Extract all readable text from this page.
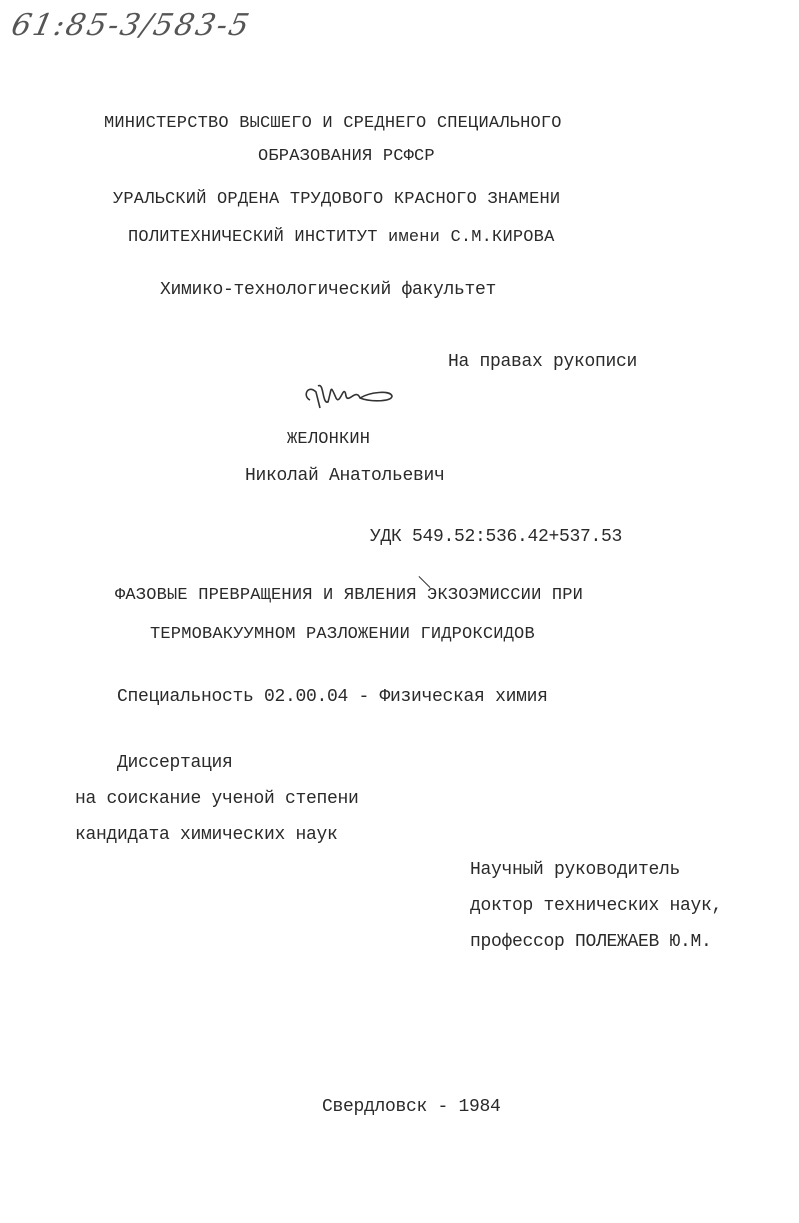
61:85-3/583-5
МИНИСТЕРСТВО ВЫСШЕГО И СРЕДНЕГО СПЕЦИАЛЬНОГО
ОБРАЗОВАНИЯ РСФСР
УРАЛЬСКИЙ ОРДЕНА ТРУДОВОГО КРАСНОГО ЗНАМЕНИ
ПОЛИТЕХНИЧЕСКИЙ ИНСТИТУТ имени С.М.КИРОВА
Химико-технологический факультет
На правах рукописи
ЖЕЛОНКИН
Николай Анатольевич
УДК 549.52:536.42+537.53
ФАЗОВЫЕ ПРЕВРАЩЕНИЯ И ЯВЛЕНИЯ ЭКЗОЭМИССИИ ПРИ
ТЕРМОВАКУУМНОМ РАЗЛОЖЕНИИ ГИДРОКСИДОВ
Специальность 02.00.04 - Физическая химия
Диссертация
на соискание ученой степени
кандидата химических наук
Научный руководитель
доктор технических наук,
профессор ПОЛЕЖАЕВ Ю.М.
Свердловск - 1984
